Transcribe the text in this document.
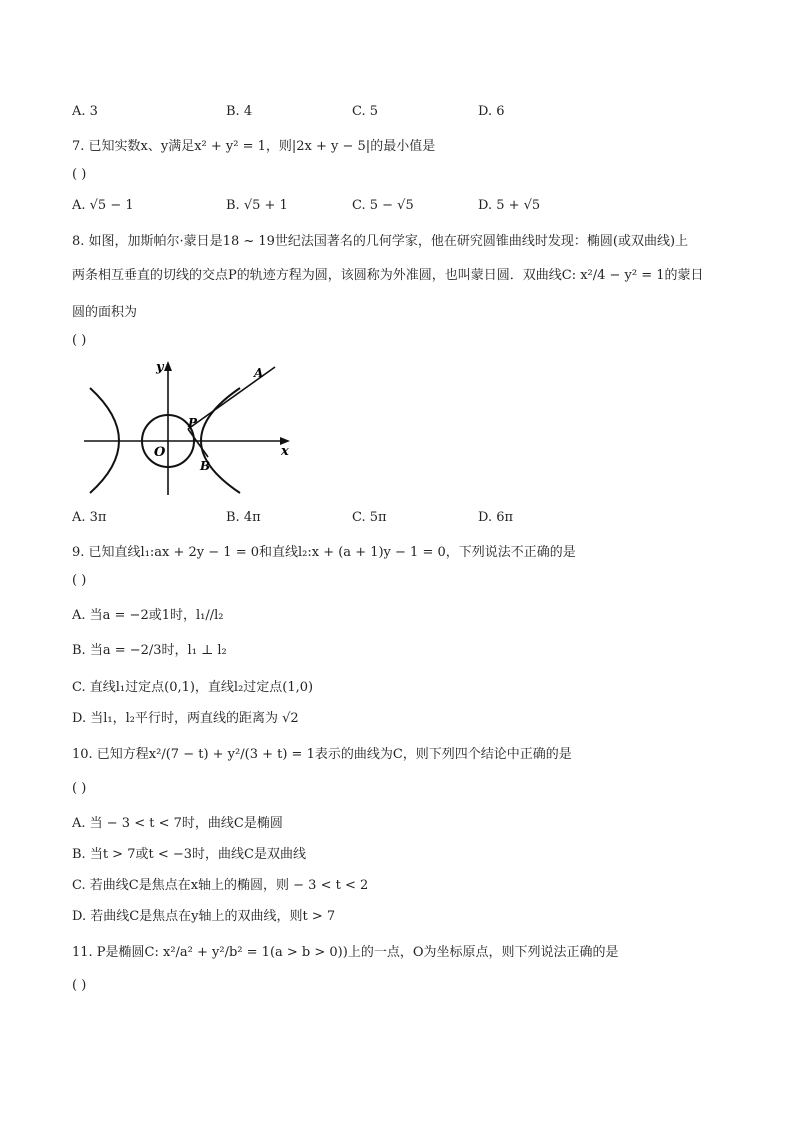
A. 3	B. 4	C. 5	D. 6
7. 已知实数x、y满足x² + y² = 1，则|2x + y − 5|的最小值是
( )
A. √5 − 1	B. √5 + 1	C. 5 − √5	D. 5 + √5
8. 如图，加斯帕尔·蒙日是18 ~ 19世纪法国著名的几何学家，他在研究圆锥曲线时发现：椭圆(或双曲线)上
两条相互垂直的切线的交点P的轨迹方程为圆，该圆称为外准圆，也叫蒙日圆．双曲线C: x²/4 − y² = 1的蒙日
圆的面积为
( )
y
x
O
P
A
B
A. 3π	B. 4π	C. 5π	D. 6π
9. 已知直线l₁:ax + 2y − 1 = 0和直线l₂:x + (a + 1)y − 1 = 0，下列说法不正确的是
( )
A. 当a = −2或1时，l₁//l₂
B. 当a = −2/3时，l₁ ⊥ l₂
C. 直线l₁过定点(0,1)，直线l₂过定点(1,0)
D. 当l₁，l₂平行时，两直线的距离为 √2
10. 已知方程x²/(7 − t) + y²/(3 + t) = 1表示的曲线为C，则下列四个结论中正确的是
( )
A. 当 − 3 < t < 7时，曲线C是椭圆
B. 当t > 7或t < −3时，曲线C是双曲线
C. 若曲线C是焦点在x轴上的椭圆，则 − 3 < t < 2
D. 若曲线C是焦点在y轴上的双曲线，则t > 7
11. P是椭圆C: x²/a² + y²/b² = 1(a > b > 0))上的一点，O为坐标原点，则下列说法正确的是
( )
